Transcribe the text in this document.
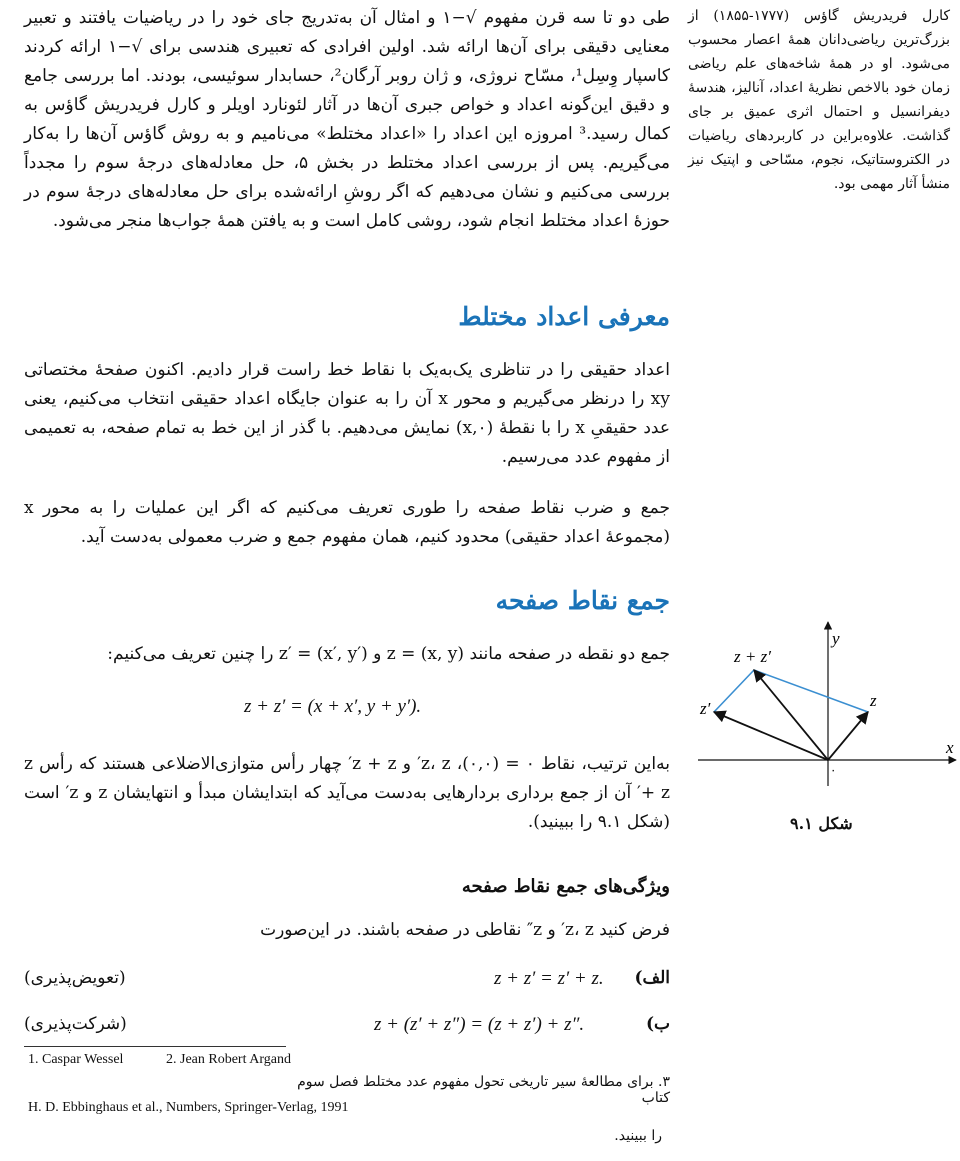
کارل فریدریش گاؤس (۱۷۷۷-۱۸۵۵) از بزرگ‌ترین ریاضی‌دانان همهٔ اعصار محسوب می‌شود. او در همهٔ شاخه‌های علم ریاضی زمان خود بالاخص نظریهٔ اعداد، آنالیز، هندسهٔ دیفرانسیل و احتمال اثری عمیق بر جای گذاشت. علاوه‌براین در کاربردهای ریاضیات در الکتروستاتیک، نجوم، مسّاحی و اپتیک نیز منشأ آثار مهمی بود.
طی دو تا سه قرن مفهوم √−۱ و امثال آن به‌تدریج جای خود را در ریاضیات یافتند و تعبیر معنایی دقیقی برای آن‌ها ارائه شد. اولین افرادی که تعبیری هندسی برای √−۱ ارائه کردند کاسپار وِسِل¹، مسّاح نروژی، و ژان روبر آرگان²، حسابدار سوئیسی، بودند. اما بررسی جامع و دقیق این‌گونه اعداد و خواص جبری آن‌ها در آثار لئونارد اویلر و کارل فریدریش گاؤس به کمال رسید.³ امروزه این اعداد را «اعداد مختلط» می‌نامیم و به روش گاؤس آن‌ها را به‌کار می‌گیریم. پس از بررسی اعداد مختلط در بخش ۵، حل معادله‌های درجهٔ سوم را مجدداً بررسی می‌کنیم و نشان می‌دهیم که اگر روشِ ارائه‌شده برای حل معادله‌های درجهٔ سوم در حوزهٔ اعداد مختلط انجام شود، روشی کامل است و به یافتن همهٔ جواب‌ها منجر می‌شود.
معرفی اعداد مختلط
اعداد حقیقی را در تناظری یک‌به‌یک با نقاط خط راست قرار دادیم. اکنون صفحهٔ مختصاتی xy را درنظر می‌گیریم و محور x آن را به عنوان جایگاه اعداد حقیقی انتخاب می‌کنیم، یعنی عدد حقیقیِ x را با نقطهٔ (x,۰) نمایش می‌دهیم. با گذر از این خط به تمام صفحه، به تعمیمی از مفهوم عدد می‌رسیم.
جمع و ضرب نقاط صفحه را طوری تعریف می‌کنیم که اگر این عملیات را به محور x (مجموعهٔ اعداد حقیقی) محدود کنیم، همان مفهوم جمع و ضرب معمولی به‌دست آید.
جمع نقاط صفحه
جمع دو نقطه در صفحه مانند z = (x, y) و z′ = (x′, y′) را چنین تعریف می‌کنیم:
z + z′ = (x + x′, y + y′).
به‌این ترتیب، نقاط ۰ = (۰,۰)، z، z′ و z + z′ چهار رأس متوازی‌الاضلاعی هستند که رأس z + z′ آن از جمع برداری بردارهایی به‌دست می‌آید که ابتدایشان مبدأ و انتهایشان z و z′ است (شکل ۹.۱ را ببینید).
ویژگی‌های جمع نقاط صفحه
فرض کنید z، z′ و z″ نقاطی در صفحه باشند. در این‌صورت
الف)
z + z′ = z′ + z.
(تعویض‌پذیری)
ب)
z + (z′ + z″) = (z + z′) + z″.
(شرکت‌پذیری)
1. Caspar Wessel	2. Jean Robert Argand
۳. برای مطالعهٔ سیر تاریخی تحول مفهوم عدد مختلط فصل سوم کتاب
H. D. Ebbinghaus et al., Numbers, Springer-Verlag, 1991
را ببینید.
y
x
z
z′
z + z′
۰
شکل ۹.۱
